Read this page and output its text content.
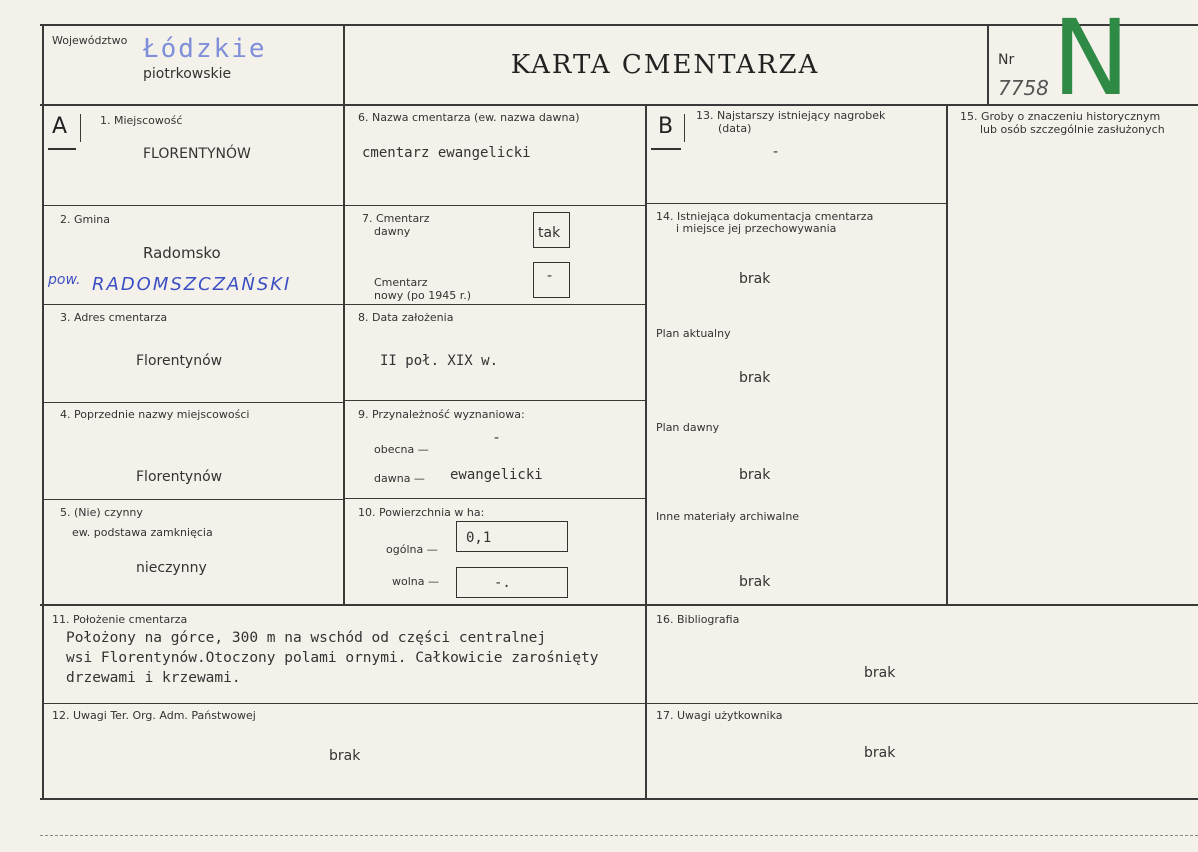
Województwo Łódzkie
piotrkowskie	KARTA CMENTARZA	Nr
7758 N
A	1. Miejscowość
FLORENTYNÓW
2. Gmina
Radomsko
pow. RADOMSZCZAŃSKI
3. Adres cmentarza
Florentynów
4. Poprzednie nazwy miejscowości
Florentynów
5. (Nie) czynny
ew. podstawa zamknięcia
nieczynny
6. Nazwa cmentarza (ew. nazwa dawna)
cmentarz ewangelicki
7. Cmentarz
dawny	tak
Cmentarz
nowy (po 1945 r.)
-
8. Data założenia
II poł. XIX w.
9. Przynależność wyznaniowa:
obecna —
-
dawna — ewangelicki
10. Powierzchnia w ha:
ogólna —
0,1
wolna —	-.
B 13. Najstarszy istniejący nagrobek
(data)
-
14. Istniejąca dokumentacja cmentarza
i miejsce jej przechowywania
brak
Plan aktualny
brak
Plan dawny
brak
Inne materiały archiwalne
brak
15. Groby o znaczeniu historycznym
lub osób szczególnie zasłużonych
11. Położenie cmentarza
Położony na górce, 300 m na wschód od części centralnej
wsi Florentynów.Otoczony polami ornymi. Całkowicie zarośnięty
drzewami i krzewami.
12. Uwagi Ter. Org. Adm. Państwowej
brak
16. Bibliografia
brak
17. Uwagi użytkownika
brak
